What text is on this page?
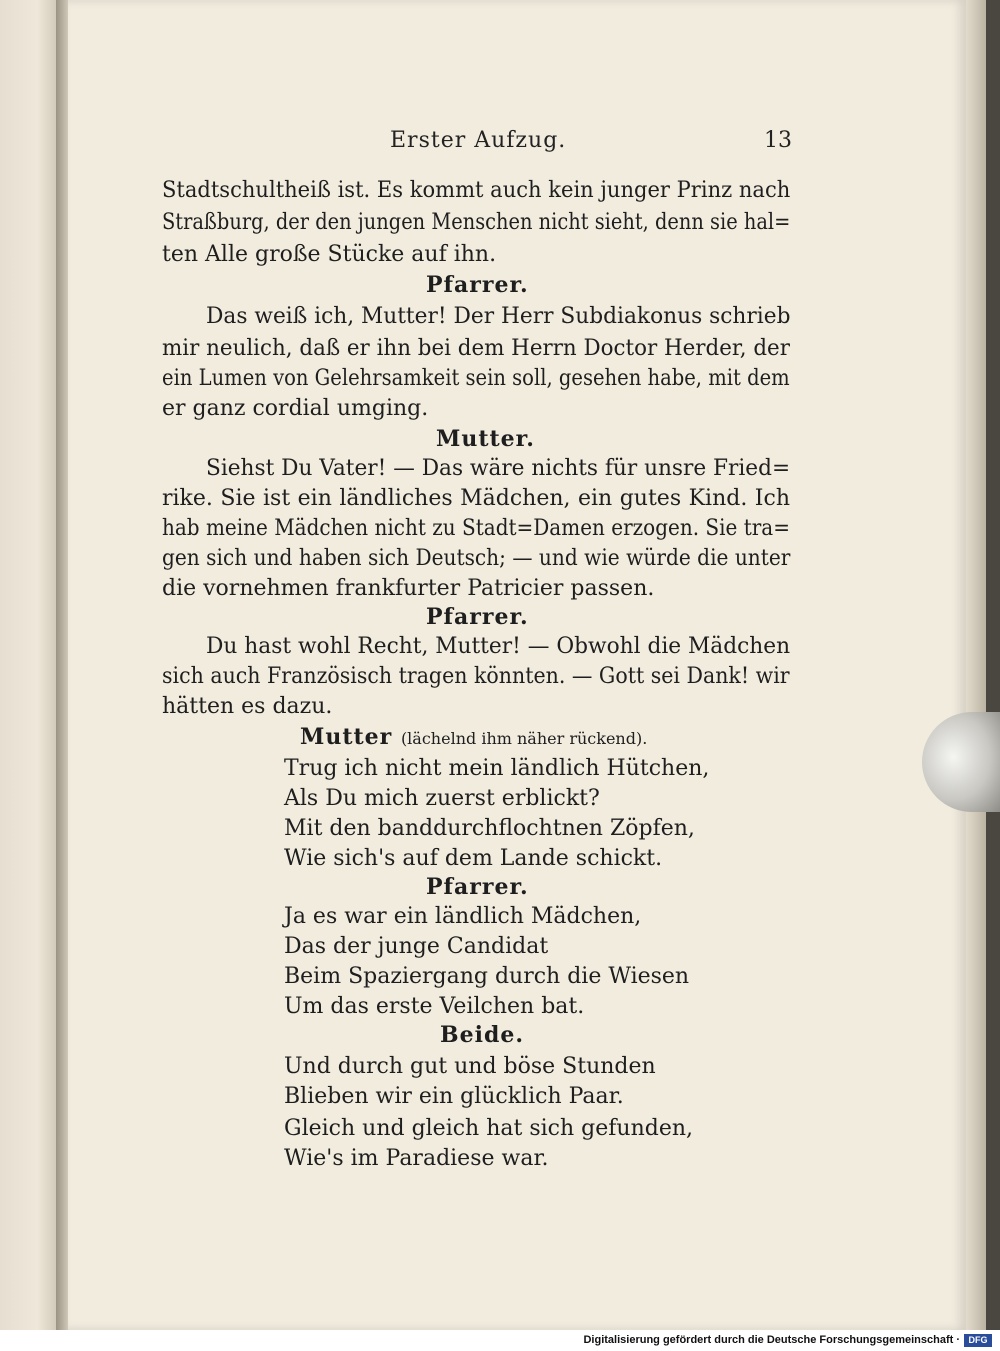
Erster Aufzug.	13
Stadtschultheiß ist. Es kommt auch kein junger Prinz nach
Straßburg, der den jungen Menschen nicht sieht, denn sie hal=
ten Alle große Stücke auf ihn.
Pfarrer.
Das weiß ich, Mutter! Der Herr Subdiakonus schrieb
mir neulich, daß er ihn bei dem Herrn Doctor Herder, der
ein Lumen von Gelehrsamkeit sein soll, gesehen habe, mit dem
er ganz cordial umging.
Mutter.
Siehst Du Vater! — Das wäre nichts für unsre Fried=
rike. Sie ist ein ländliches Mädchen, ein gutes Kind. Ich
hab meine Mädchen nicht zu Stadt=Damen erzogen. Sie tra=
gen sich und haben sich Deutsch; — und wie würde die unter
die vornehmen frankfurter Patricier passen.
Pfarrer.
Du hast wohl Recht, Mutter! — Obwohl die Mädchen
sich auch Französisch tragen könnten. — Gott sei Dank! wir
hätten es dazu.
Mutter (lächelnd ihm näher rückend).
Trug ich nicht mein ländlich Hütchen,
Als Du mich zuerst erblickt?
Mit den banddurchflochtnen Zöpfen,
Wie sich's auf dem Lande schickt.
Pfarrer.
Ja es war ein ländlich Mädchen,
Das der junge Candidat
Beim Spaziergang durch die Wiesen
Um das erste Veilchen bat.
Beide.
Und durch gut und böse Stunden
Blieben wir ein glücklich Paar.
Gleich und gleich hat sich gefunden,
Wie's im Paradiese war.
Digitalisierung gefördert durch die Deutsche Forschungsgemeinschaft · DFG
